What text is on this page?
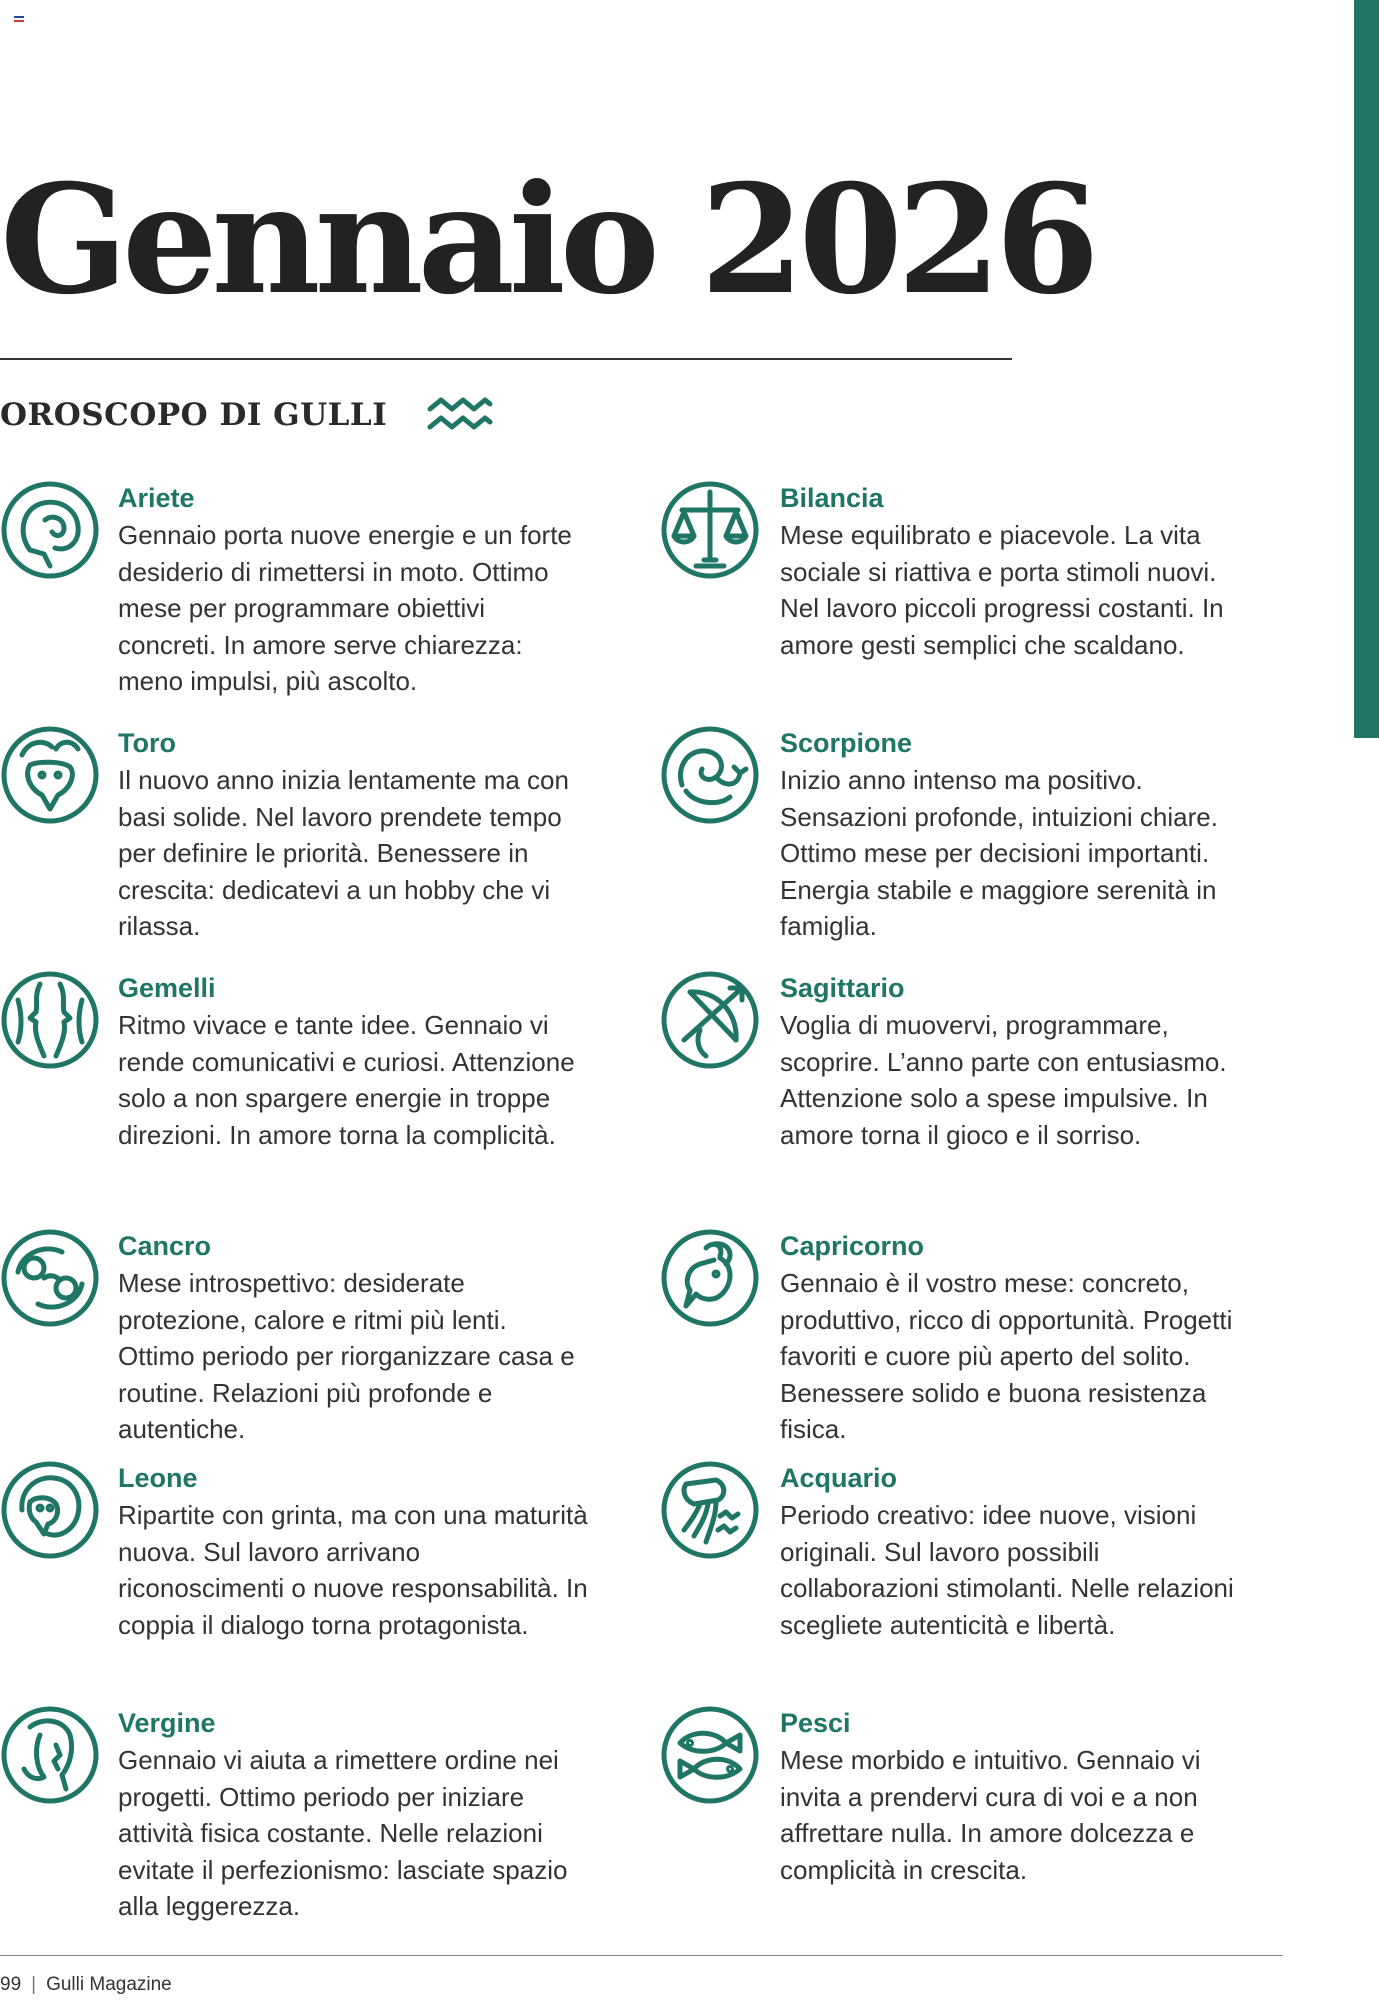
Gennaio 2026
OROSCOPO DI GULLI
Ariete

Gennaio porta nuove energie e un forte desiderio di rimettersi in moto. Ottimo mese per programmare obiettivi concreti. In amore serve chiarezza: meno impulsi, più ascolto.

Bilancia

Mese equilibrato e piacevole. La vita sociale si riattiva e porta stimoli nuovi. Nel lavoro piccoli progressi costanti. In amore gesti semplici che scaldano.

Toro

Il nuovo anno inizia lentamente ma con basi solide. Nel lavoro prendete tempo per definire le priorità. Benessere in crescita: dedicatevi a un hobby che vi rilassa.

Scorpione

Inizio anno intenso ma positivo. Sensazioni profonde, intuizioni chiare. Ottimo mese per decisioni importanti. Energia stabile e maggiore serenità in famiglia.

Gemelli

Ritmo vivace e tante idee. Gennaio vi rende comunicativi e curiosi. Attenzione solo a non spargere energie in troppe direzioni. In amore torna la complicità.

Sagittario

Voglia di muovervi, programmare, scoprire. L’anno parte con entusiasmo. Attenzione solo a spese impulsive. In amore torna il gioco e il sorriso.

Cancro

Mese introspettivo: desiderate protezione, calore e ritmi più lenti. Ottimo periodo per riorganizzare casa e routine. Relazioni più profonde e autentiche.

Capricorno

Gennaio è il vostro mese: concreto, produttivo, ricco di opportunità. Progetti favoriti e cuore più aperto del solito. Benessere solido e buona resistenza fisica.

Leone

Ripartite con grinta, ma con una maturità nuova. Sul lavoro arrivano riconoscimenti o nuove responsabilità. In coppia il dialogo torna protagonista.

Acquario

Periodo creativo: idee nuove, visioni originali. Sul lavoro possibili collaborazioni stimolanti. Nelle relazioni scegliete autenticità e libertà.

Vergine

Gennaio vi aiuta a rimettere ordine nei progetti. Ottimo periodo per iniziare attività fisica costante. Nelle relazioni evitate il perfezionismo: lasciate spazio alla leggerezza.

Pesci

Mese morbido e intuitivo. Gennaio vi invita a prendervi cura di voi e a non affrettare nulla. In amore dolcezza e complicità in crescita.

99 | Gulli Magazine
